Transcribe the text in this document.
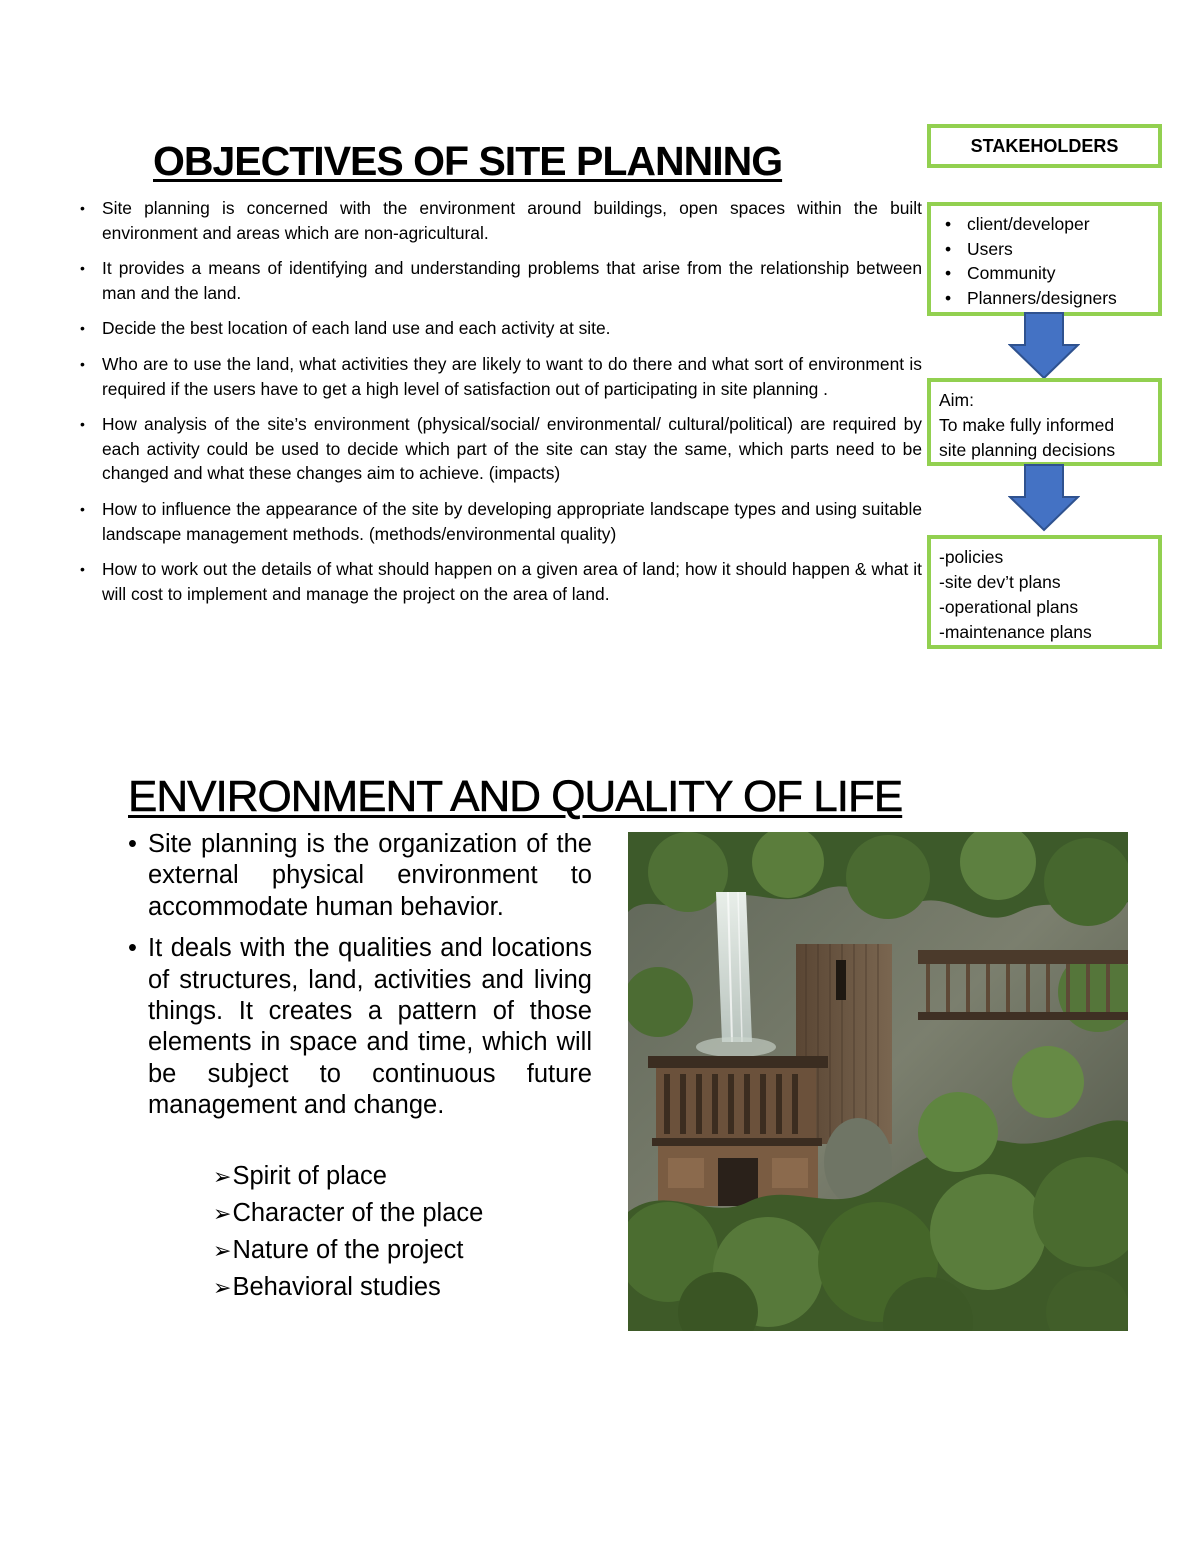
OBJECTIVES OF SITE PLANNING
• Site planning is concerned with the environment around buildings, open spaces within the built environment and areas which are non-agricultural.
• It provides a means of identifying and understanding problems that arise from the relationship between man and the land.
• Decide the best location of each land use and each activity at site.
• Who are to use the land, what activities they are likely to want to do there and what sort of environment is required if the users have to get a high level of satisfaction out of participating in site planning .
• How analysis of the site’s environment (physical/social/ environmental/ cultural/political) are required by each activity could be used to decide which part of the site can stay the same, which parts need to be changed and what these changes aim to achieve. (impacts)
• How to influence the appearance of the site by developing appropriate landscape types and using suitable landscape management methods. (methods/environmental quality)
• How to work out the details of what should happen on a given area of land; how it should happen & what it will cost to implement and manage the project on the area of land.
STAKEHOLDERS
• client/developer
• Users
• Community
• Planners/designers
Aim:
To make fully informed
site planning decisions
-policies
-site dev’t plans
-operational plans
-maintenance plans
ENVIRONMENT AND QUALITY OF LIFE
• Site planning is the organization of the external physical environment to accommodate human behavior.
• It deals with the qualities and locations of structures, land, activities and living things. It creates a pattern of those elements in space and time, which will be subject to continuous future management and change.
➢Spirit of place
➢Character of the place
➢Nature of the project
➢Behavioral studies
